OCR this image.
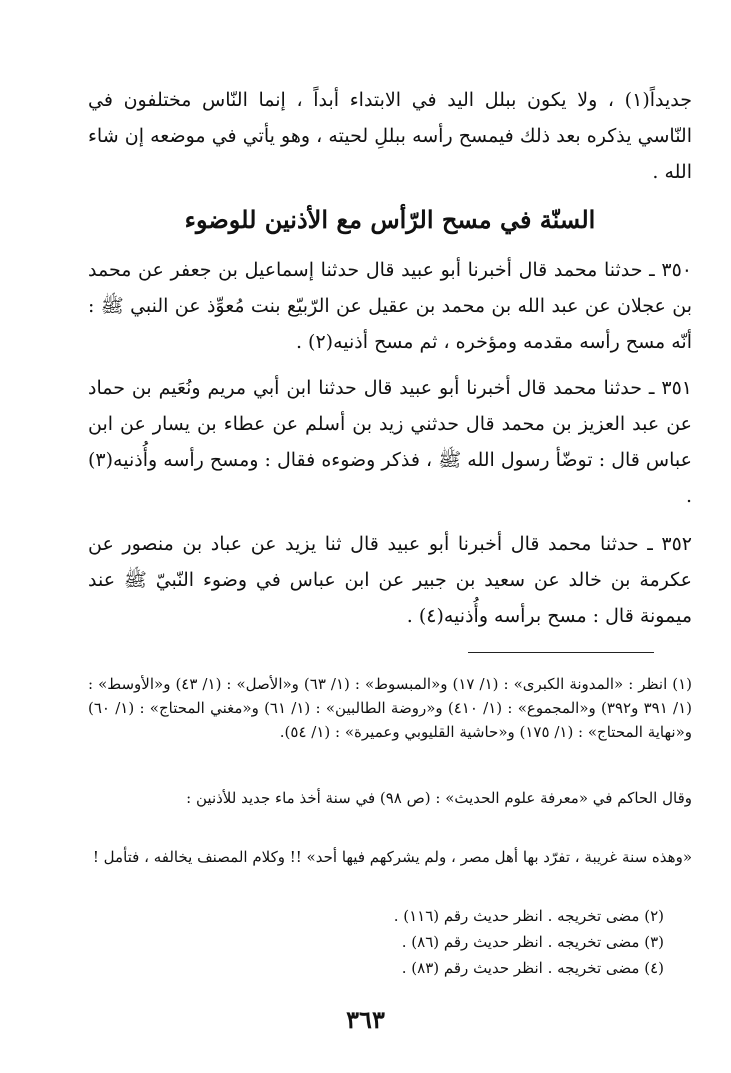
جديداً(١) ، ولا يكون ببلل اليد في الابتداء أبداً ، إنما النّاس مختلفون في النّاسي يذكره بعد ذلك فيمسح رأسه ببللِ لحيته ، وهو يأتي في موضعه إن شاء الله .

السنّة في مسح الرّأس مع الأذنين للوضوء

٣٥٠ ـ حدثنا محمد قال أخبرنا أبو عبيد قال حدثنا إسماعيل بن جعفر عن محمد بن عجلان عن عبد الله بن محمد بن عقيل عن الرّبيّع بنت مُعوِّذ عن النبي ﷺ : أنّه مسح رأسه مقدمه ومؤخره ، ثم مسح أذنيه(٢) .

٣٥١ ـ حدثنا محمد قال أخبرنا أبو عبيد قال حدثنا ابن أبي مريم ونُعَيم بن حماد عن عبد العزيز بن محمد قال حدثني زيد بن أسلم عن عطاء بن يسار عن ابن عباس قال : توضّأ رسول الله ﷺ ، فذكر وضوءه فقال : ومسح رأسه وأُذنيه(٣) .

٣٥٢ ـ حدثنا محمد قال أخبرنا أبو عبيد قال ثنا يزيد عن عباد بن منصور عن عكرمة بن خالد عن سعيد بن جبير عن ابن عباس في وضوء النّبيّ ﷺ عند ميمونة قال : مسح برأسه وأُذنيه(٤) .

(١) انظر : «المدونة الكبرى» : (١/ ١٧) و«المبسوط» : (١/ ٦٣) و«الأصل» : (١/ ٤٣) و«الأوسط» : (١/ ٣٩١ و٣٩٢) و«المجموع» : (١/ ٤١٠) و«روضة الطالبين» : (١/ ٦١) و«مغني المحتاج» : (١/ ٦٠) و«نهاية المحتاج» : (١/ ١٧٥) و«حاشية القليوبي وعميرة» : (١/ ٥٤).

وقال الحاكم في «معرفة علوم الحديث» : (ص ٩٨) في سنة أخذ ماء جديد للأذنين :

«وهذه سنة غريبة ، تفرّد بها أهل مصر ، ولم يشركهم فيها أحد» !! وكلام المصنف يخالفه ، فتأمل !

(٢) مضى تخريجه . انظر حديث رقم (١١٦) .
(٣) مضى تخريجه . انظر حديث رقم (٨٦) .
(٤) مضى تخريجه . انظر حديث رقم (٨٣) .
٣٦٣
